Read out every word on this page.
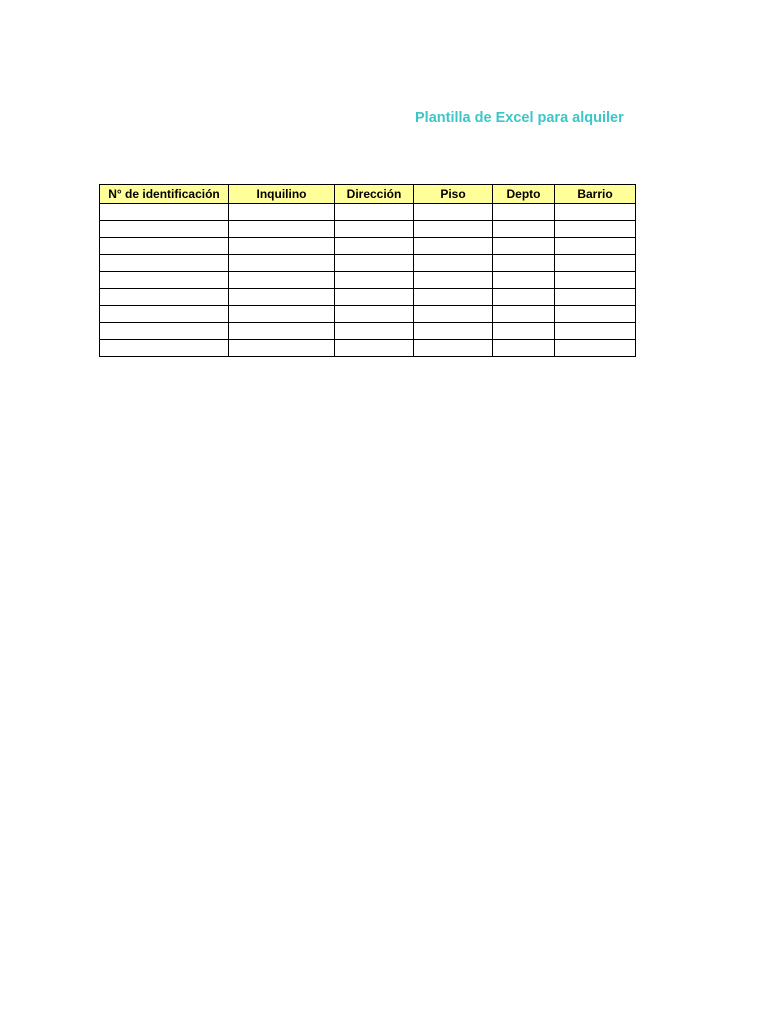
Plantilla de Excel para alquiler
N° de identificación	Inquilino	Dirección	Piso	Depto	Barrio
